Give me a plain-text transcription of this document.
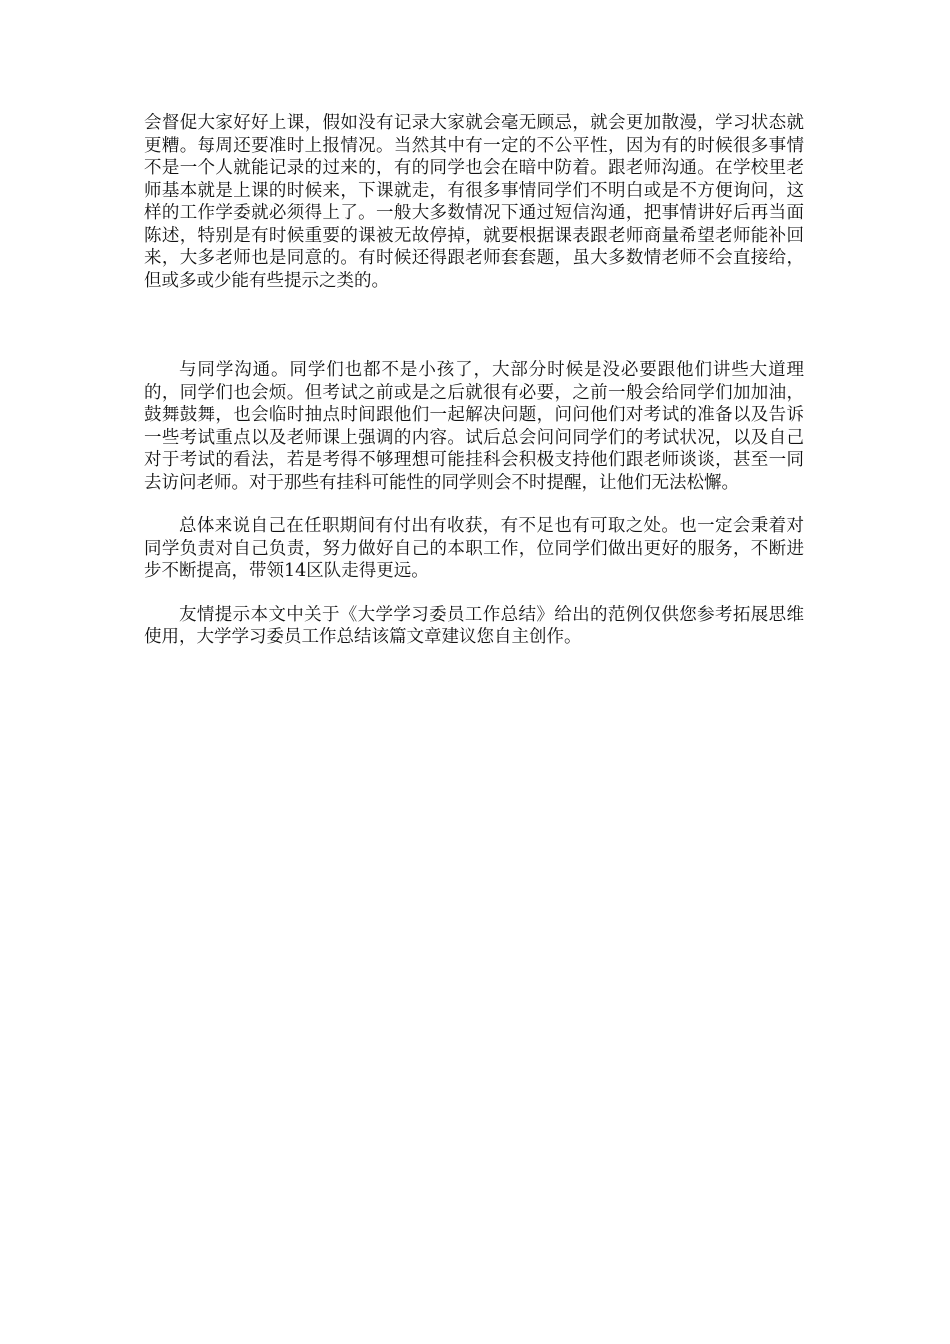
会督促大家好好上课，假如没有记录大家就会毫无顾忌，就会更加散漫，学习状态就更糟。每周还要准时上报情况。当然其中有一定的不公平性，因为有的时候很多事情不是一个人就能记录的过来的，有的同学也会在暗中防着。跟老师沟通。在学校里老师基本就是上课的时候来，下课就走，有很多事情同学们不明白或是不方便询问，这样的工作学委就必须得上了。一般大多数情况下通过短信沟通，把事情讲好后再当面陈述，特别是有时候重要的课被无故停掉，就要根据课表跟老师商量希望老师能补回来，大多老师也是同意的。有时候还得跟老师套套题，虽大多数情老师不会直接给，但或多或少能有些提示之类的。

与同学沟通。同学们也都不是小孩了，大部分时候是没必要跟他们讲些大道理的，同学们也会烦。但考试之前或是之后就很有必要，之前一般会给同学们加加油，鼓舞鼓舞，也会临时抽点时间跟他们一起解决问题，问问他们对考试的准备以及告诉一些考试重点以及老师课上强调的内容。试后总会问问同学们的考试状况，以及自己对于考试的看法，若是考得不够理想可能挂科会积极支持他们跟老师谈谈，甚至一同去访问老师。对于那些有挂科可能性的同学则会不时提醒，让他们无法松懈。

总体来说自己在任职期间有付出有收获，有不足也有可取之处。也一定会秉着对同学负责对自己负责，努力做好自己的本职工作，位同学们做出更好的服务，不断进步不断提高，带领14区队走得更远。

友情提示本文中关于《大学学习委员工作总结》给出的范例仅供您参考拓展思维使用，大学学习委员工作总结该篇文章建议您自主创作。
